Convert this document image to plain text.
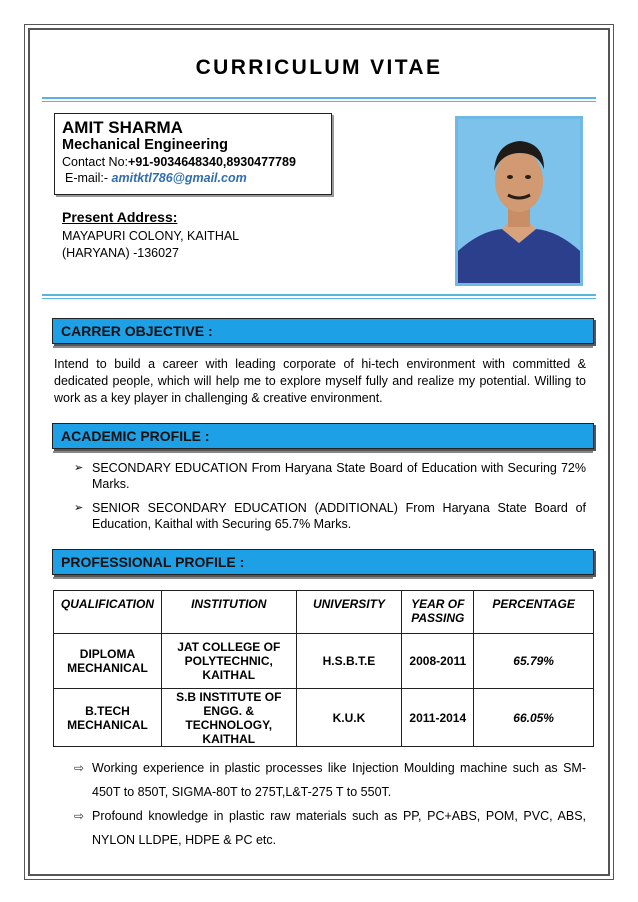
CURRICULUM VITAE
AMIT SHARMA
Mechanical Engineering
Contact No:+91-9034648340,8930477789
E-mail:- amitktl786@gmail.com
Present Address:
MAYAPURI COLONY, KAITHAL
(HARYANA) -136027
CARRER OBJECTIVE :
Intend to build a career with leading corporate of hi-tech environment with committed & dedicated people, which will help me to explore myself fully and realize my potential. Willing to work as a key player in challenging & creative environment.
ACADEMIC PROFILE :
➢ SECONDARY EDUCATION From Haryana State Board of Education with Securing 72% Marks.
➢ SENIOR SECONDARY EDUCATION (ADDITIONAL) From Haryana State Board of Education, Kaithal with Securing 65.7% Marks.
PROFESSIONAL PROFILE :
QUALIFICATION	INSTITUTION	UNIVERSITY	YEAR OF PASSING	PERCENTAGE
DIPLOMA MECHANICAL	JAT COLLEGE OF POLYTECHNIC, KAITHAL	H.S.B.T.E	2008-2011	65.79%
B.TECH MECHANICAL	S.B INSTITUTE OF ENGG. & TECHNOLOGY, KAITHAL	K.U.K	2011-2014	66.05%
⇨ Working experience in plastic processes like Injection Moulding machine such as SM-450T to 850T, SIGMA-80T to 275T,L&T-275 T to 550T.
⇨ Profound knowledge in plastic raw materials such as PP, PC+ABS, POM, PVC, ABS, NYLON LLDPE, HDPE & PC etc.
